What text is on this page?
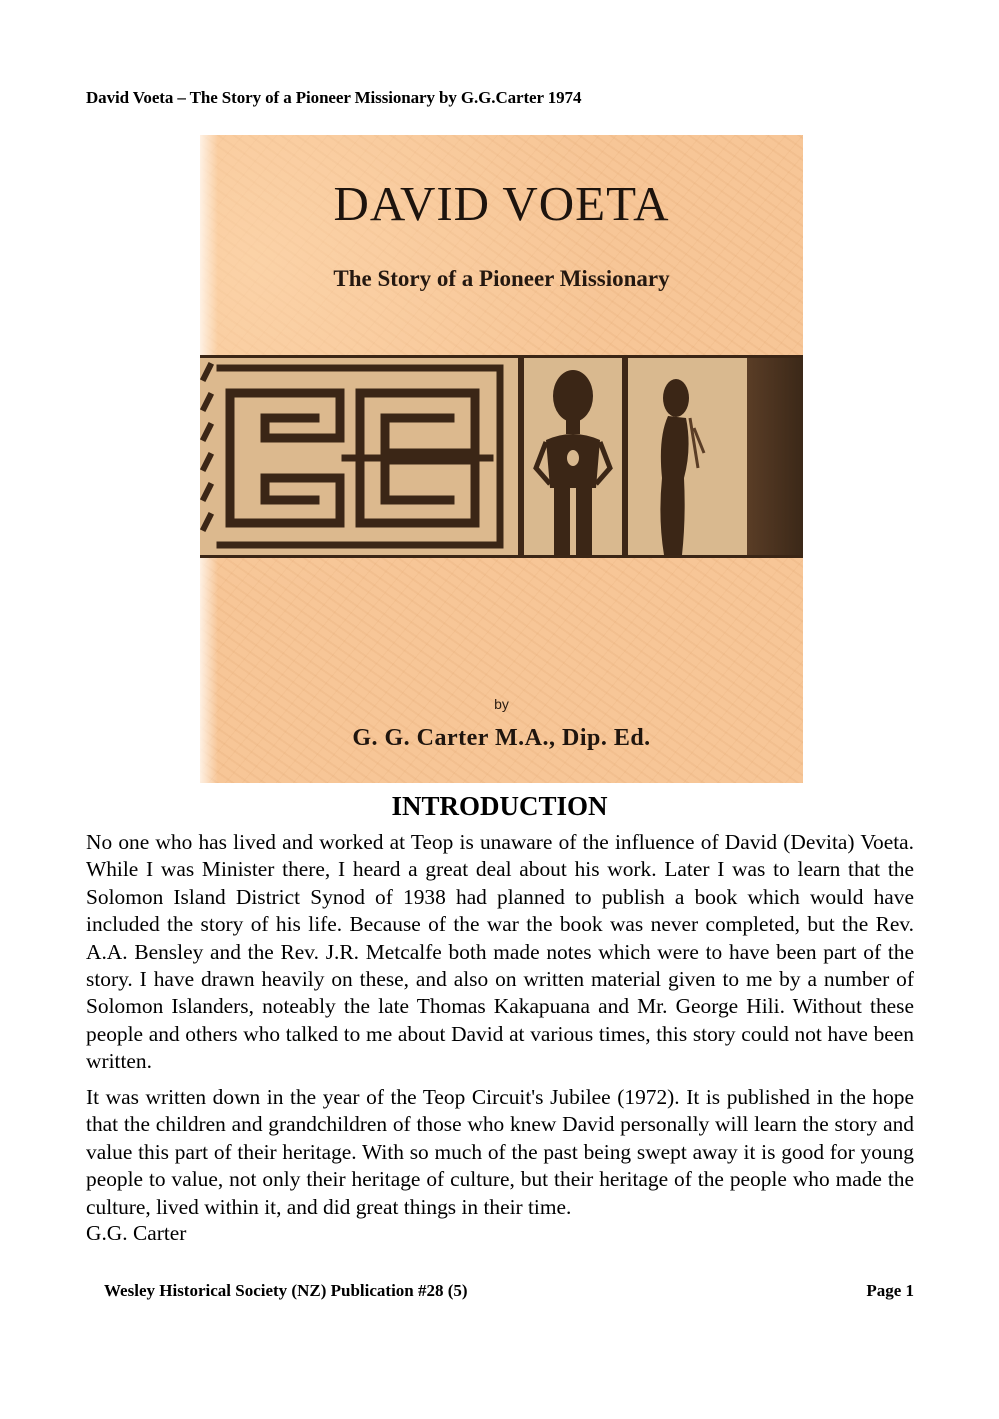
David Voeta – The Story of a Pioneer Missionary by G.G.Carter 1974
DAVID VOETA
The Story of a Pioneer Missionary
by
G. G. Carter M.A., Dip. Ed.
INTRODUCTION

No one who has lived and worked at Teop is unaware of the influence of David (Devita) Voeta. While I was Minister there, I heard a great deal about his work. Later I was to learn that the Solomon Island District Synod of 1938 had planned to publish a book which would have included the story of his life. Because of the war the book was never completed, but the Rev. A.A. Bensley and the Rev. J.R. Metcalfe both made notes which were to have been part of the story. I have drawn heavily on these, and also on written material given to me by a number of Solomon Islanders, noteably the late Thomas Kakapuana and Mr. George Hili. Without these people and others who talked to me about David at various times, this story could not have been written.

It was written down in the year of the Teop Circuit's Jubilee (1972). It is published in the hope that the children and grandchildren of those who knew David personally will learn the story and value this part of their heritage. With so much of the past being swept away it is good for young people to value, not only their heritage of culture, but their heritage of the people who made the culture, lived within it, and did great things in their time.

G.G. Carter
Wesley Historical Society (NZ) Publication #28 (5)	Page 1
